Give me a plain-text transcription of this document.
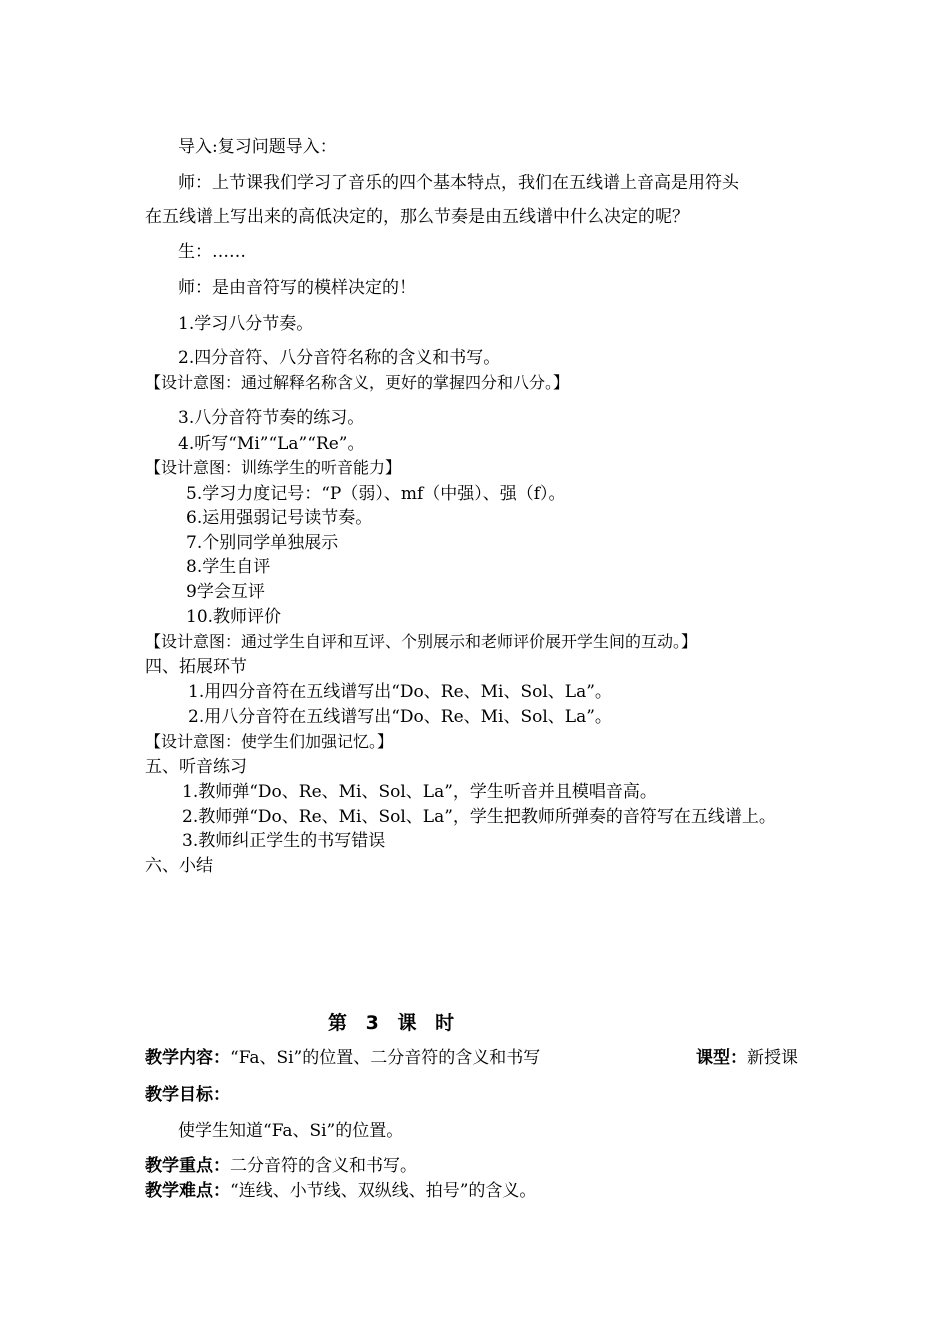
导入:复习问题导入：
师：上节课我们学习了音乐的四个基本特点，我们在五线谱上音高是用符头
在五线谱上写出来的高低决定的，那么节奏是由五线谱中什么决定的呢？
生：……
师：是由音符写的模样决定的！
1.学习八分节奏。
2.四分音符、八分音符名称的含义和书写。
【设计意图：通过解释名称含义，更好的掌握四分和八分。】
3.八分音符节奏的练习。
4.听写“Mi”“La”“Re”。
【设计意图：训练学生的听音能力】
5.学习力度记号：“P（弱）、mf（中强）、强（f）。
6.运用强弱记号读节奏。
7.个别同学单独展示
8.学生自评
9学会互评
10.教师评价
【设计意图：通过学生自评和互评、个别展示和老师评价展开学生间的互动。】
四、拓展环节
1.用四分音符在五线谱写出“Do、Re、Mi、Sol、La”。
2.用八分音符在五线谱写出“Do、Re、Mi、Sol、La”。
【设计意图：使学生们加强记忆。】
五、听音练习
1.教师弹“Do、Re、Mi、Sol、La”，学生听音并且模唱音高。
2.教师弹“Do、Re、Mi、Sol、La”，学生把教师所弹奏的音符写在五线谱上。
3.教师纠正学生的书写错误
六、小结
第 3 课 时
教学内容：“Fa、Si”的位置、二分音符的含义和书写	课型：新授课
教学目标：
使学生知道“Fa、Si”的位置。
教学重点：二分音符的含义和书写。
教学难点：“连线、小节线、双纵线、拍号”的含义。
